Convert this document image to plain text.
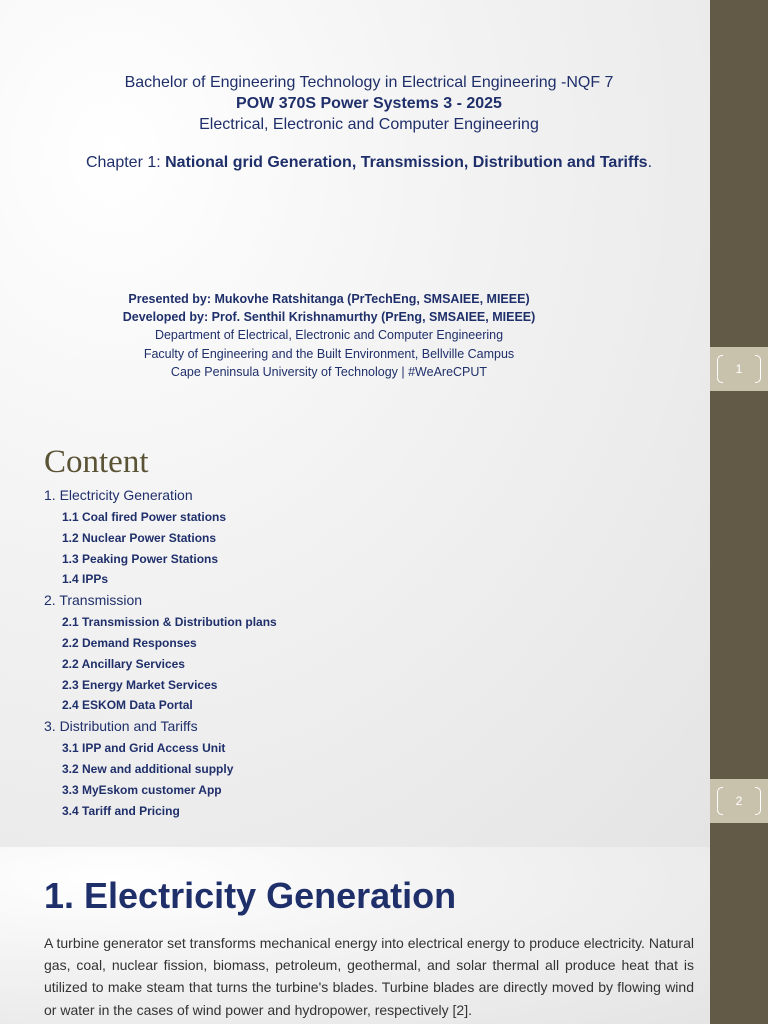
Bachelor of Engineering Technology in Electrical Engineering -NQF 7
POW 370S Power Systems 3 - 2025
Electrical, Electronic and Computer Engineering
Chapter 1: National grid Generation, Transmission, Distribution and Tariffs.
Presented by: Mukovhe Ratshitanga (PrTechEng, SMSAIEE, MIEEE)
Developed by: Prof. Senthil Krishnamurthy (PrEng, SMSAIEE, MIEEE)
Department of Electrical, Electronic and Computer Engineering
Faculty of Engineering and the Built Environment, Bellville Campus
Cape Peninsula University of Technology | #WeAreCPUT
Content
1. Electricity Generation
1.1 Coal fired Power stations
1.2 Nuclear Power Stations
1.3 Peaking Power Stations
1.4 IPPs
2. Transmission
2.1 Transmission & Distribution plans
2.2 Demand Responses
2.2 Ancillary Services
2.3 Energy Market Services
2.4 ESKOM Data Portal
3. Distribution and Tariffs
3.1 IPP and Grid Access Unit
3.2 New and additional supply
3.3 MyEskom customer App
3.4 Tariff and Pricing
1. Electricity Generation
A turbine generator set transforms mechanical energy into electrical energy to produce electricity. Natural gas, coal, nuclear fission, biomass, petroleum, geothermal, and solar thermal all produce heat that is utilized to make steam that turns the turbine's blades. Turbine blades are directly moved by flowing wind or water in the cases of wind power and hydropower, respectively [2].
1
2
